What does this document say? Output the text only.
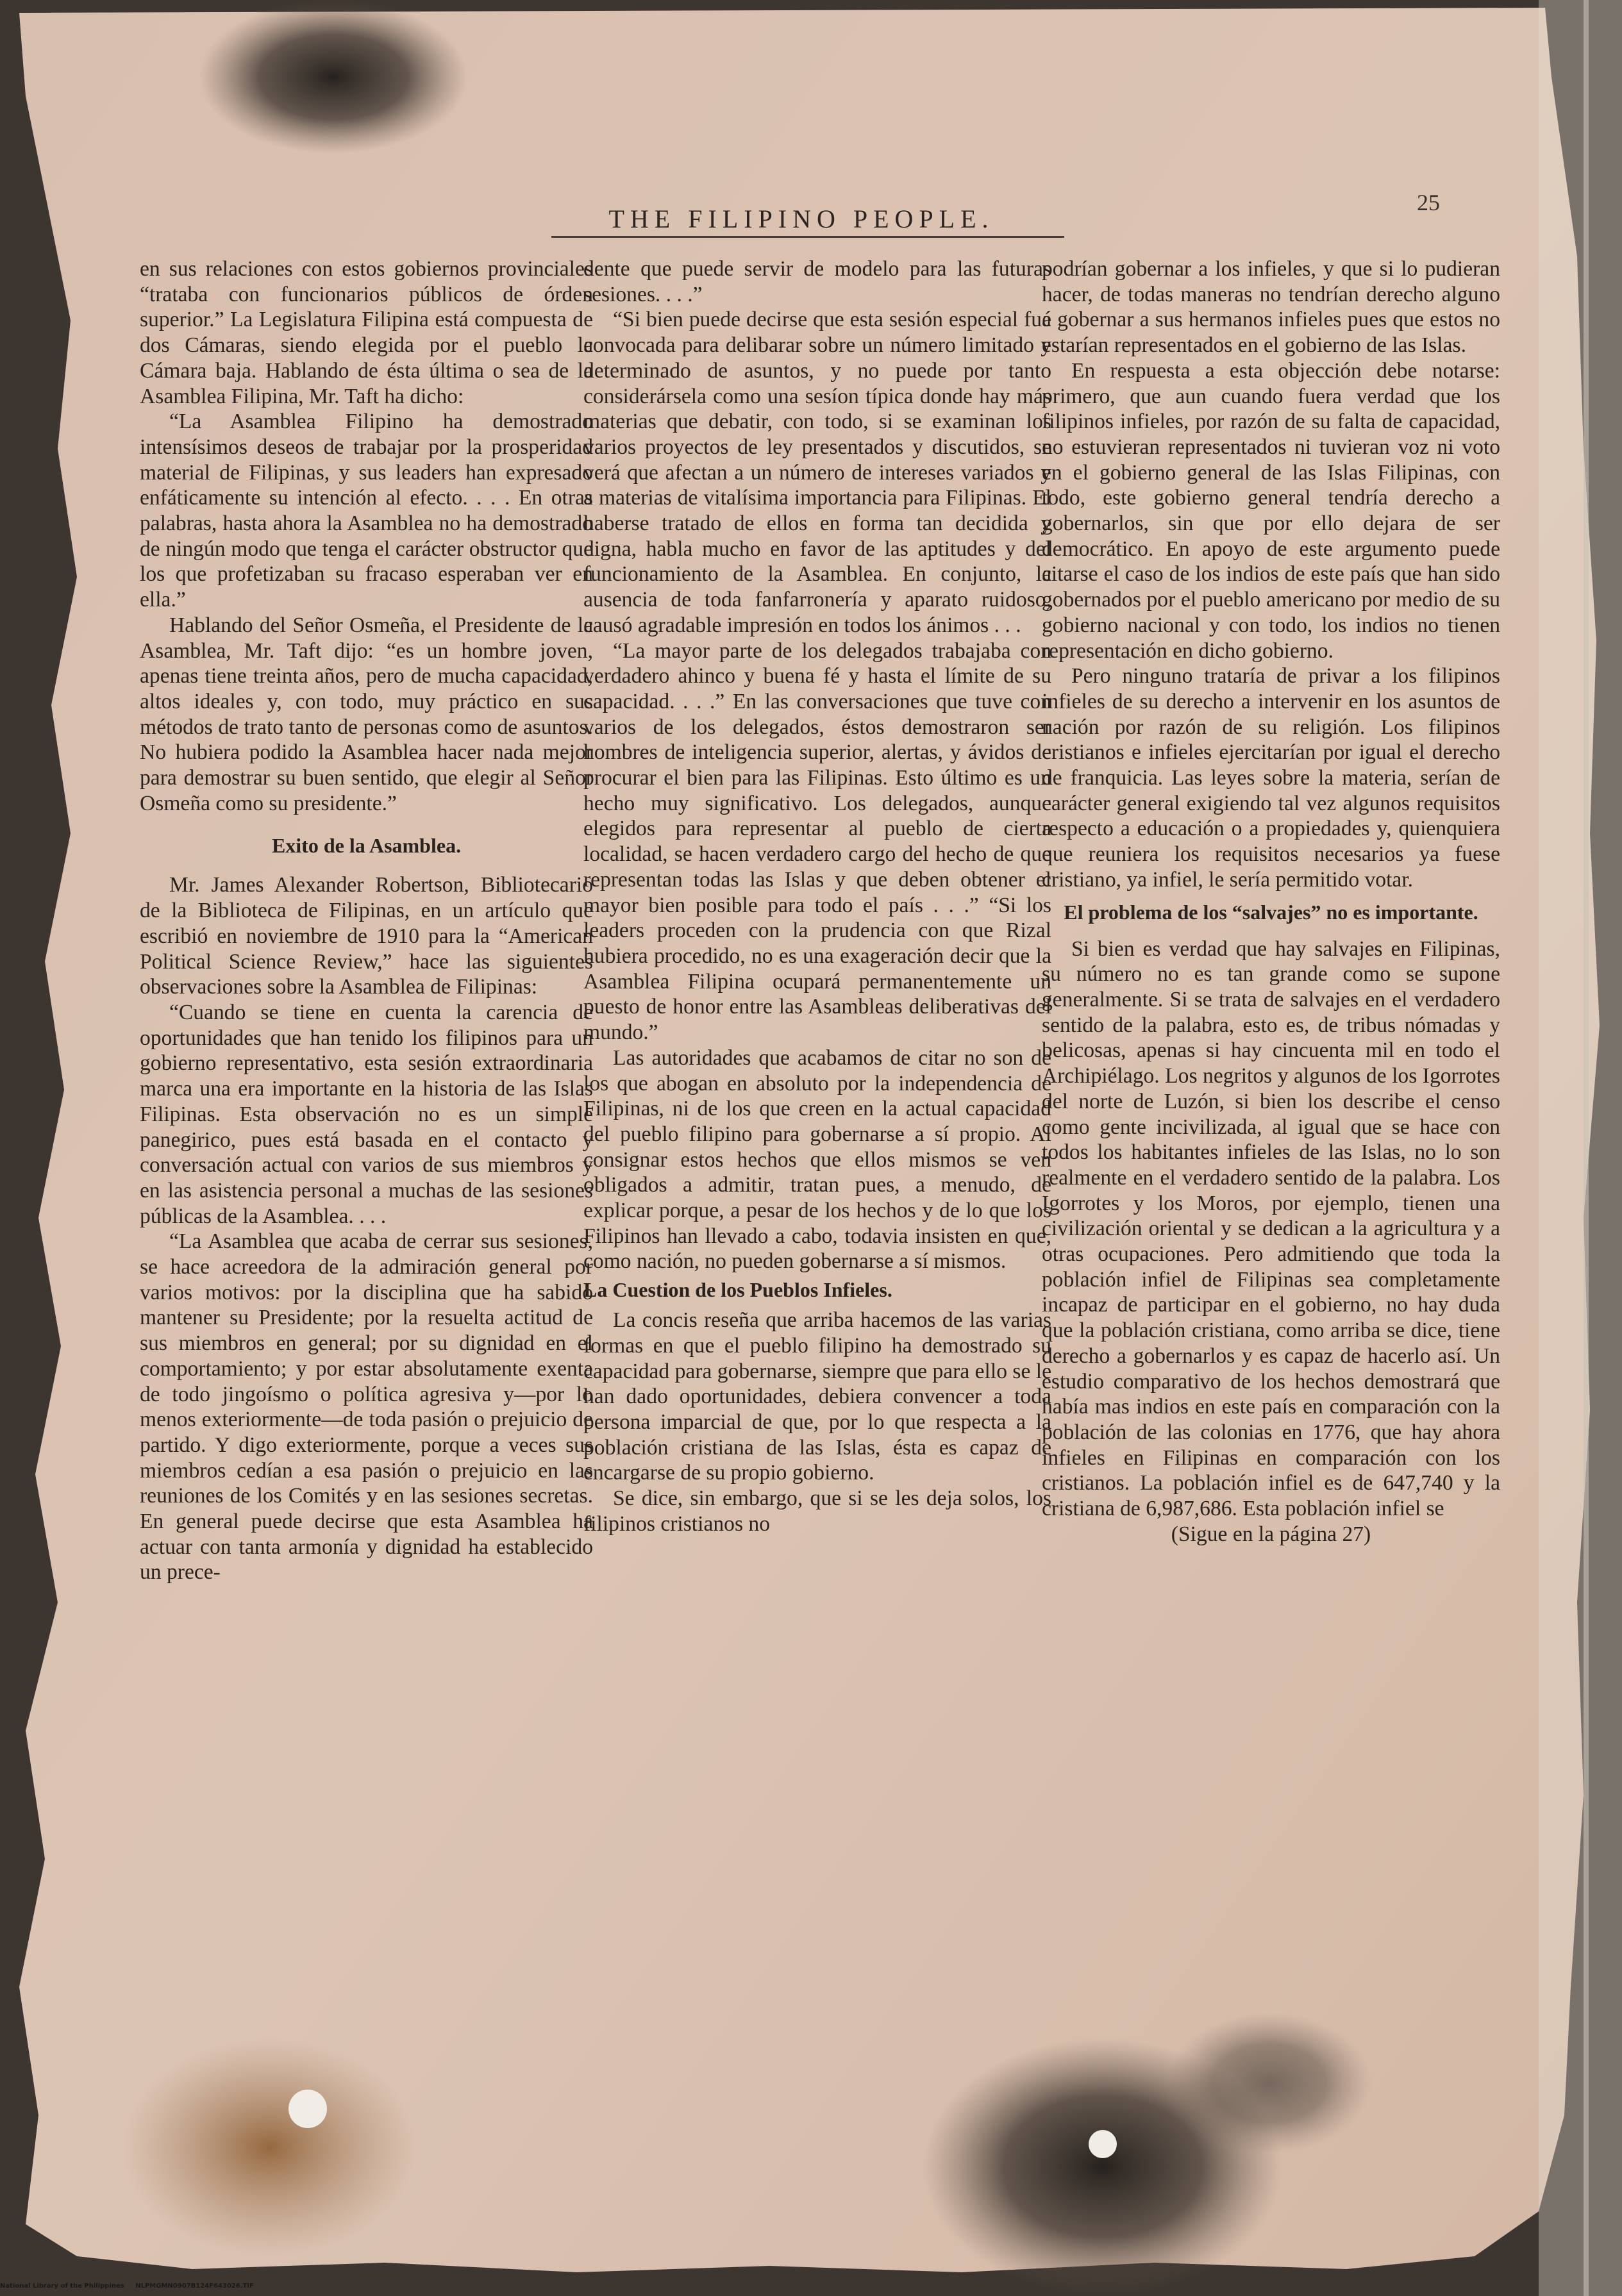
THE FILIPINO PEOPLE.
25

en sus relaciones con estos gobiernos provinciales “trataba con funcionarios públicos de órden superior.” La Legislatura Filipina está compuesta de dos Cámaras, siendo elegida por el pueblo la Cámara baja. Hablando de ésta última o sea de la Asamblea Filipina, Mr. Taft ha dicho:

“La Asamblea Filipino ha demostrado intensísimos deseos de trabajar por la prosperidad material de Filipinas, y sus leaders han expresado enfáticamente su intención al efecto. . . . En otras palabras, hasta ahora la Asamblea no ha demostrado de ningún modo que tenga el carácter obstructor que los que profetizaban su fracaso esperaban ver en ella.”

Hablando del Señor Osmeña, el Presidente de la Asamblea, Mr. Taft dijo: “es un hombre joven, apenas tiene treinta años, pero de mucha capacidad, altos ideales y, con todo, muy práctico en sus métodos de trato tanto de personas como de asuntos. No hubiera podido la Asamblea hacer nada mejor para demostrar su buen sentido, que elegir al Señor Osmeña como su presidente.”

Exito de la Asamblea.

Mr. James Alexander Robertson, Bibliotecario de la Biblioteca de Filipinas, en un artículo que escribió en noviembre de 1910 para la “American Political Science Review,” hace las siguientes observaciones sobre la Asamblea de Filipinas:

“Cuando se tiene en cuenta la carencia de oportunidades que han tenido los filipinos para un gobierno representativo, esta sesión extraordinaria marca una era importante en la historia de las Islas Filipinas. Esta observación no es un simple panegirico, pues está basada en el contacto y conversación actual con varios de sus miembros y en las asistencia personal a muchas de las sesiones públicas de la Asamblea. . . .

“La Asamblea que acaba de cerrar sus sesiones, se hace acreedora de la admiración general por varios motivos: por la disciplina que ha sabido mantener su Presidente; por la resuelta actitud de sus miembros en general; por su dignidad en el comportamiento; y por estar absolutamente exenta de todo jingoísmo o política agresiva y—por lo menos exteriormente—de toda pasión o prejuicio de partido. Y digo exteriormente, porque a veces sus miembros cedían a esa pasión o prejuicio en las reuniones de los Comités y en las sesiones secretas. En general puede decirse que esta Asamblea ha actuar con tanta armonía y dignidad ha establecido un prece-

dente que puede servir de modelo para las futuras sesiones. . . .”

“Si bien puede decirse que esta sesión especial fué convocada para delibarar sobre un número limitado y determinado de asuntos, y no puede por tanto considerársela como una sesíon típica donde hay más materias que debatir, con todo, si se examinan los varios proyectos de ley presentados y discutidos, se verá que afectan a un número de intereses variados y a materias de vitalísima importancia para Filipinas. El haberse tratado de ellos en forma tan decidida y digna, habla mucho en favor de las aptitudes y del funcionamiento de la Asamblea. En conjunto, la ausencia de toda fanfarronería y aparato ruidoso, causó agradable impresión en todos los ánimos . . .

“La mayor parte de los delegados trabajaba con verdadero ahinco y buena fé y hasta el límite de su capacidad. . . .” En las conversaciones que tuve con varios de los delegados, éstos demostraron ser hombres de inteligencia superior, alertas, y ávidos de procurar el bien para las Filipinas. Esto último es un hecho muy significativo. Los delegados, aunque elegidos para representar al pueblo de cierta localidad, se hacen verdadero cargo del hecho de que representan todas las Islas y que deben obtener el mayor bien posible para todo el país . . .” “Si los leaders proceden con la prudencia con que Rizal hubiera procedido, no es una exageración decir que la Asamblea Filipina ocupará permanentemente un puesto de honor entre las Asambleas deliberativas del mundo.”

Las autoridades que acabamos de citar no son de los que abogan en absoluto por la independencia de Filipinas, ni de los que creen en la actual capacidad del pueblo filipino para gobernarse a sí propio. Al consignar estos hechos que ellos mismos se ven obligados a admitir, tratan pues, a menudo, de explicar porque, a pesar de los hechos y de lo que los Filipinos han llevado a cabo, todavia insisten en que, como nación, no pueden gobernarse a sí mismos.

La Cuestion de los Pueblos Infieles.

La concis reseña que arriba hacemos de las varias formas en que el pueblo filipino ha demostrado su capacidad para gobernarse, siempre que para ello se le han dado oportunidades, debiera convencer a toda persona imparcial de que, por lo que respecta a la población cristiana de las Islas, ésta es capaz de encargarse de su propio gobierno.

Se dice, sin embargo, que si se les deja solos, los filipinos cristianos no

podrían gobernar a los infieles, y que si lo pudieran hacer, de todas maneras no tendrían derecho alguno a gobernar a sus hermanos infieles pues que estos no estarían representados en el gobierno de las Islas.

En respuesta a esta objección debe notarse: primero, que aun cuando fuera verdad que los filipinos infieles, por razón de su falta de capacidad, no estuvieran representados ni tuvieran voz ni voto en el gobierno general de las Islas Filipinas, con todo, este gobierno general tendría derecho a gobernarlos, sin que por ello dejara de ser democrático. En apoyo de este argumento puede citarse el caso de los indios de este país que han sido gobernados por el pueblo americano por medio de su gobierno nacional y con todo, los indios no tienen representación en dicho gobierno.

Pero ninguno trataría de privar a los filipinos infieles de su derecho a intervenir en los asuntos de nación por razón de su religión. Los filipinos cristianos e infieles ejercitarían por igual el derecho de franquicia. Las leyes sobre la materia, serían de carácter general exigiendo tal vez algunos requisitos respecto a educación o a propiedades y, quienquiera que reuniera los requisitos necesarios ya fuese cristiano, ya infiel, le sería permitido votar.

El problema de los “salvajes” no es importante.

Si bien es verdad que hay salvajes en Filipinas, su número no es tan grande como se supone generalmente. Si se trata de salvajes en el verdadero sentido de la palabra, esto es, de tribus nómadas y belicosas, apenas si hay cincuenta mil en todo el Archipiélago. Los negritos y algunos de los Igorrotes del norte de Luzón, si bien los describe el censo como gente incivilizada, al igual que se hace con todos los habitantes infieles de las Islas, no lo son realmente en el verdadero sentido de la palabra. Los Igorrotes y los Moros, por ejemplo, tienen una civilización oriental y se dedican a la agricultura y a otras ocupaciones. Pero admitiendo que toda la población infiel de Filipinas sea completamente incapaz de participar en el gobierno, no hay duda que la población cristiana, como arriba se dice, tiene derecho a gobernarlos y es capaz de hacerlo así. Un estudio comparativo de los hechos demostrará que había mas indios en este país en comparación con la población de las colonias en 1776, que hay ahora infieles en Filipinas en comparación con los cristianos. La población infiel es de 647,740 y la cristiana de 6,987,686. Esta población infiel se

(Sigue en la página 27)

National Library of the Philippines NLPMGMN0907B124F643026.TIF
